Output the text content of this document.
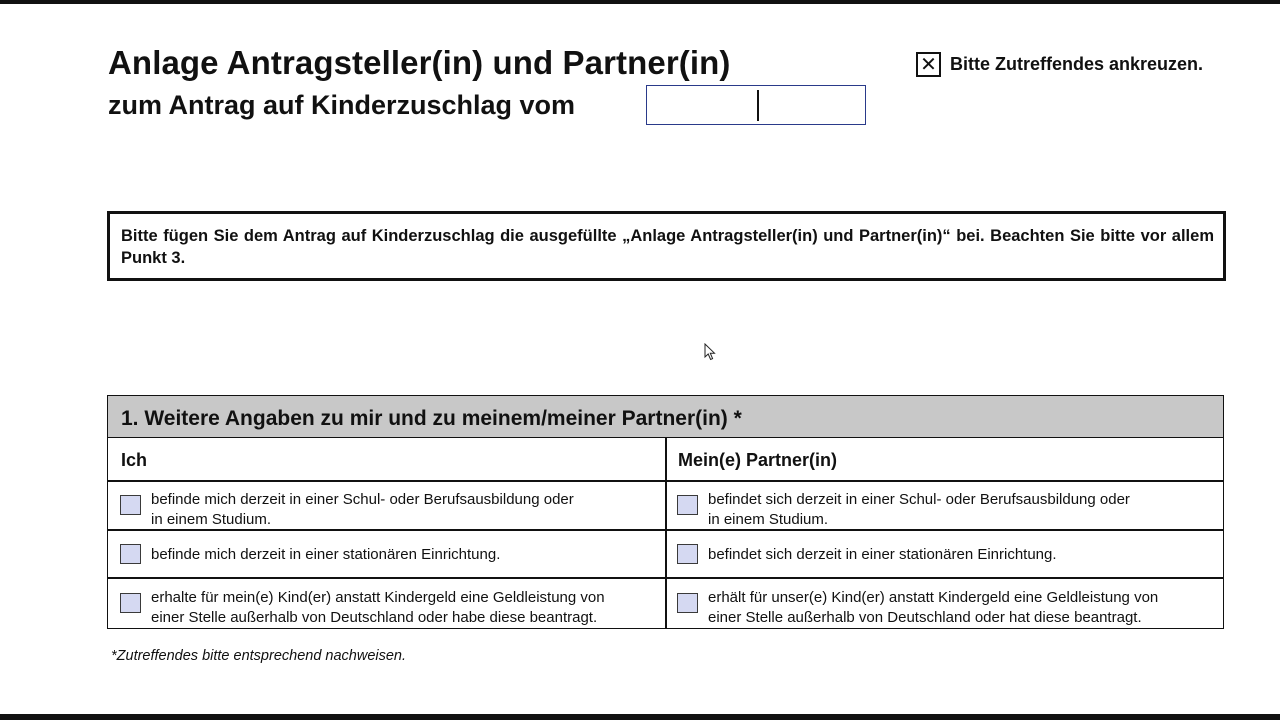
Anlage Antragsteller(in) und Partner(in)
zum Antrag auf Kinderzuschlag vom
✕ Bitte Zutreffendes ankreuzen.

Bitte fügen Sie dem Antrag auf Kinderzuschlag die ausgefüllte „Anlage Antragsteller(in) und Partner(in)“ bei. Beachten Sie bitte vor allem Punkt 3.

1. Weitere Angaben zu mir und zu meinem/meiner Partner(in) *
Ich	Mein(e) Partner(in)
befinde mich derzeit in einer Schul- oder Berufsausbildung oder
in einem Studium.
befindet sich derzeit in einer Schul- oder Berufsausbildung oder
in einem Studium.
befinde mich derzeit in einer stationären Einrichtung.	befindet sich derzeit in einer stationären Einrichtung.
erhalte für mein(e) Kind(er) anstatt Kindergeld eine Geldleistung von
einer Stelle außerhalb von Deutschland oder habe diese beantragt.
erhält für unser(e) Kind(er) anstatt Kindergeld eine Geldleistung von
einer Stelle außerhalb von Deutschland oder hat diese beantragt.
*Zutreffendes bitte entsprechend nachweisen.
